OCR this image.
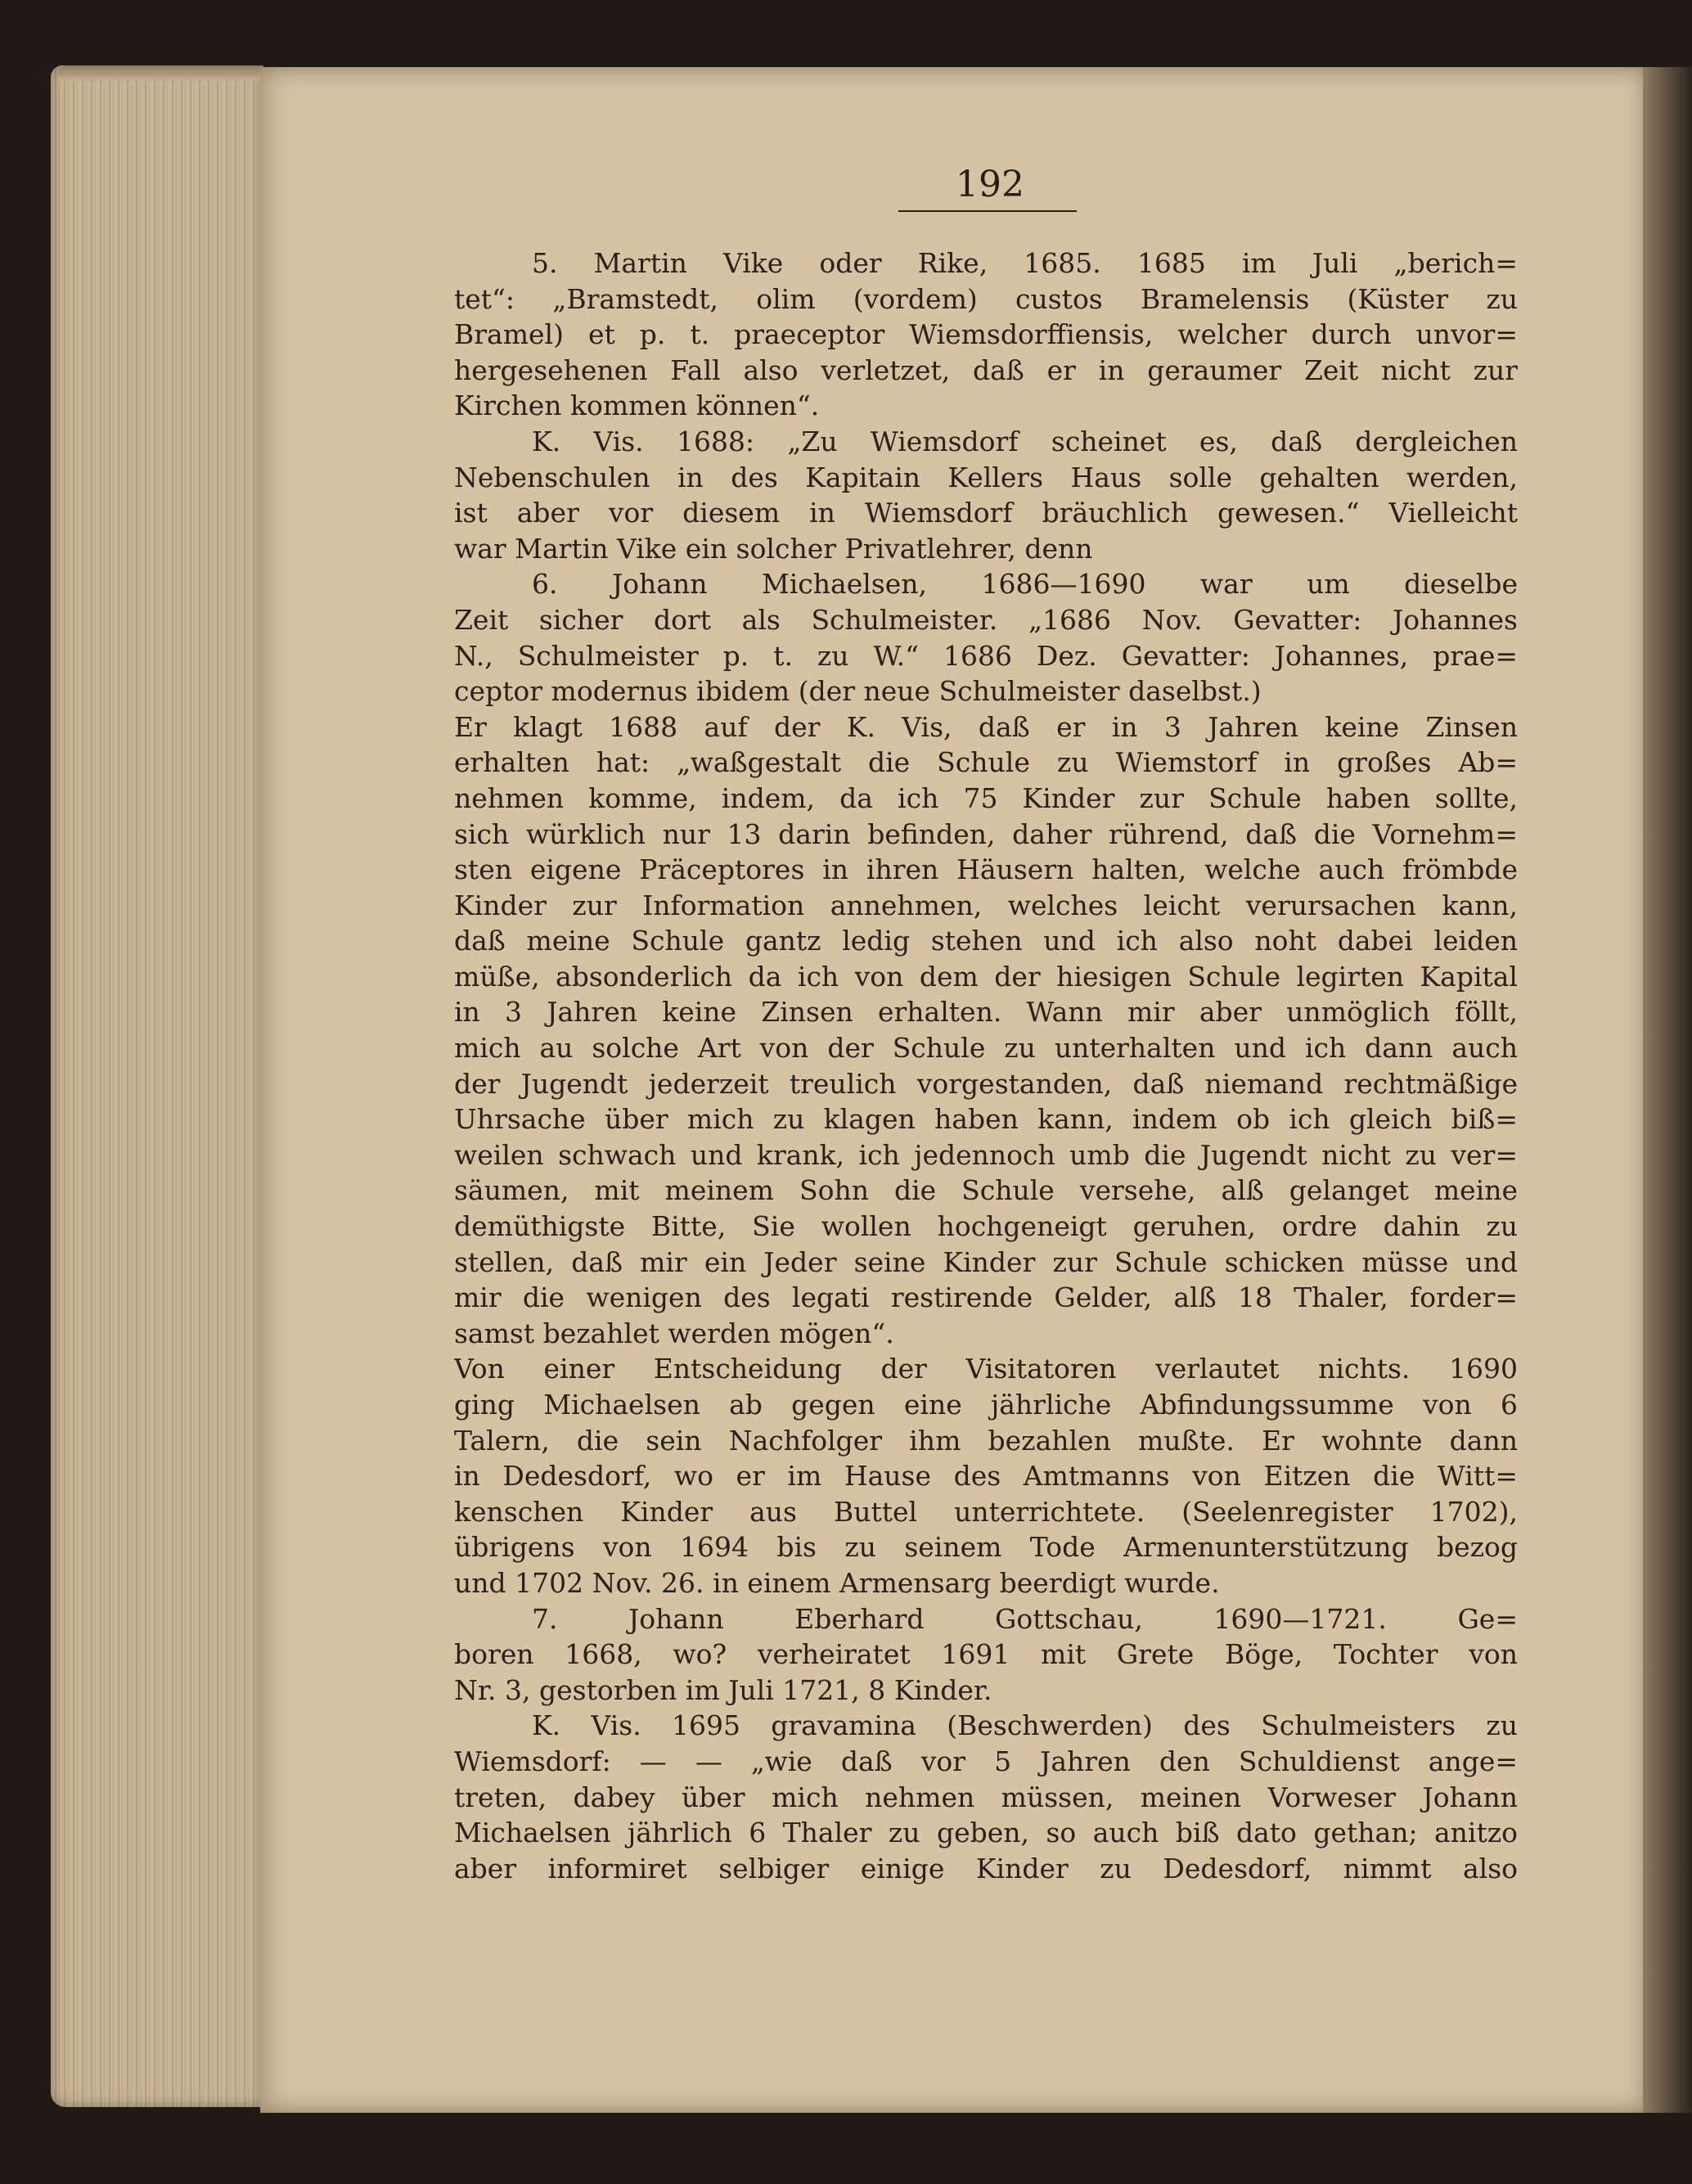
192
5. Martin Vike oder Rike, 1685. 1685 im Juli „berich=
tet“: „Bramstedt, olim (vordem) custos Bramelensis (Küster zu
Bramel) et p. t. praeceptor Wiemsdorffiensis, welcher durch unvor=
hergesehenen Fall also verletzet, daß er in geraumer Zeit nicht zur
Kirchen kommen können“.
K. Vis. 1688: „Zu Wiemsdorf scheinet es, daß dergleichen
Nebenschulen in des Kapitain Kellers Haus solle gehalten werden,
ist aber vor diesem in Wiemsdorf bräuchlich gewesen.“ Vielleicht
war Martin Vike ein solcher Privatlehrer, denn
6. Johann Michaelsen, 1686—1690 war um dieselbe
Zeit sicher dort als Schulmeister. „1686 Nov. Gevatter: Johannes
N., Schulmeister p. t. zu W.“ 1686 Dez. Gevatter: Johannes, prae=
ceptor modernus ibidem (der neue Schulmeister daselbst.)
Er klagt 1688 auf der K. Vis, daß er in 3 Jahren keine Zinsen
erhalten hat: „waßgestalt die Schule zu Wiemstorf in großes Ab=
nehmen komme, indem, da ich 75 Kinder zur Schule haben sollte,
sich würklich nur 13 darin befinden, daher rührend, daß die Vornehm=
sten eigene Präceptores in ihren Häusern halten, welche auch frömbde
Kinder zur Information annehmen, welches leicht verursachen kann,
daß meine Schule gantz ledig stehen und ich also noht dabei leiden
müße, absonderlich da ich von dem der hiesigen Schule legirten Kapital
in 3 Jahren keine Zinsen erhalten. Wann mir aber unmöglich föllt,
mich au solche Art von der Schule zu unterhalten und ich dann auch
der Jugendt jederzeit treulich vorgestanden, daß niemand rechtmäßige
Uhrsache über mich zu klagen haben kann, indem ob ich gleich biß=
weilen schwach und krank, ich jedennoch umb die Jugendt nicht zu ver=
säumen, mit meinem Sohn die Schule versehe, alß gelanget meine
demüthigste Bitte, Sie wollen hochgeneigt geruhen, ordre dahin zu
stellen, daß mir ein Jeder seine Kinder zur Schule schicken müsse und
mir die wenigen des legati restirende Gelder, alß 18 Thaler, forder=
samst bezahlet werden mögen“.
Von einer Entscheidung der Visitatoren verlautet nichts. 1690
ging Michaelsen ab gegen eine jährliche Abfindungssumme von 6
Talern, die sein Nachfolger ihm bezahlen mußte. Er wohnte dann
in Dedesdorf, wo er im Hause des Amtmanns von Eitzen die Witt=
kenschen Kinder aus Buttel unterrichtete. (Seelenregister 1702),
übrigens von 1694 bis zu seinem Tode Armenunterstützung bezog
und 1702 Nov. 26. in einem Armensarg beerdigt wurde.
7. Johann Eberhard Gottschau, 1690—1721. Ge=
boren 1668, wo? verheiratet 1691 mit Grete Böge, Tochter von
Nr. 3, gestorben im Juli 1721, 8 Kinder.
K. Vis. 1695 gravamina (Beschwerden) des Schulmeisters zu
Wiemsdorf: — — „wie daß vor 5 Jahren den Schuldienst ange=
treten, dabey über mich nehmen müssen, meinen Vorweser Johann
Michaelsen jährlich 6 Thaler zu geben, so auch biß dato gethan; anitzo
aber informiret selbiger einige Kinder zu Dedesdorf, nimmt also
